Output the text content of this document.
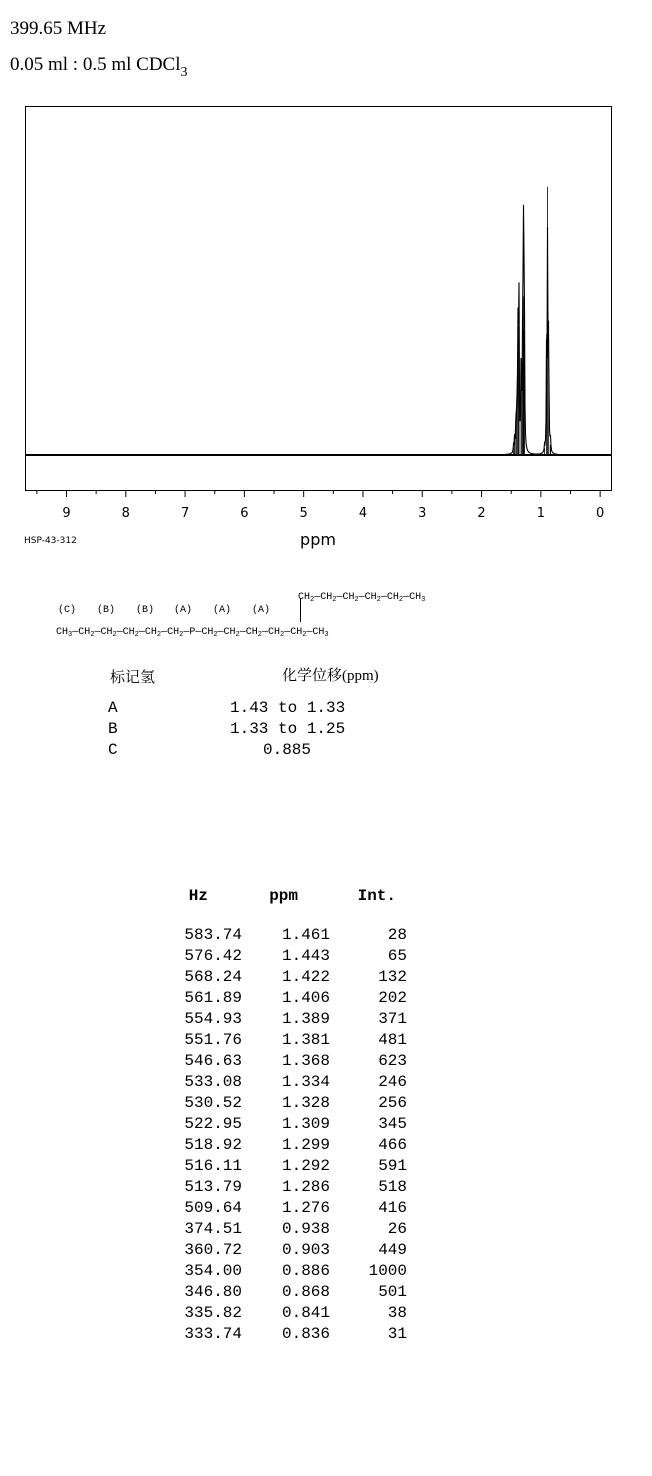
399.65 MHz
0.05 ml : 0.5 ml CDCl$_3$
9	8	7	6	5	4	3	2	1	0
ppm
HSP-43-312
(C) (B) (B) (A) (A) (A)
$CH_2—CH_2—CH_2—CH_2—CH_2—CH_3$
$CH_3—CH_2—CH_2—CH_2—CH_2—CH_2—P—CH_2—CH_2—CH_2—CH_2—CH_2—CH_3$
标记氢	化学位移(ppm)
A	1.43 to 1.33
B	1.33 to 1.25
C	0.885
Hz	ppm	Int.
583.74	1.461	28
576.42	1.443	65
568.24	1.422	132
561.89	1.406	202
554.93	1.389	371
551.76	1.381	481
546.63	1.368	623
533.08	1.334	246
530.52	1.328	256
522.95	1.309	345
518.92	1.299	466
516.11	1.292	591
513.79	1.286	518
509.64	1.276	416
374.51	0.938	26
360.72	0.903	449
354.00	0.886	1000
346.80	0.868	501
335.82	0.841	38
333.74	0.836	31
